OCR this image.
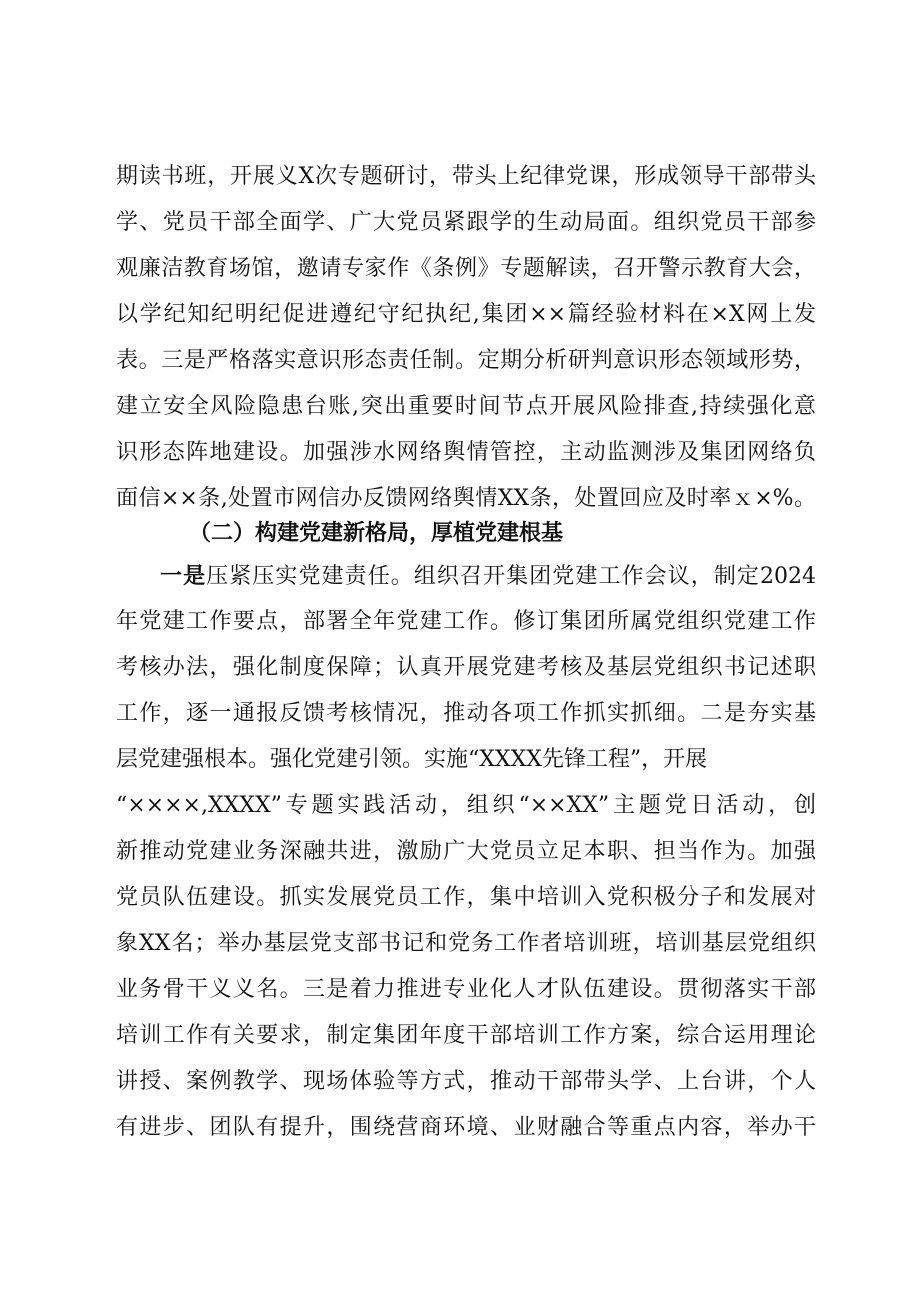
期读书班，开展义X次专题研讨，带头上纪律党课，形成领导干部带头
学、党员干部全面学、广大党员紧跟学的生动局面。组织党员干部参
观廉洁教育场馆，邀请专家作《条例》专题解读，召开警示教育大会，
以学纪知纪明纪促进遵纪守纪执纪,集团××篇经验材料在×X网上发
表。三是严格落实意识形态责任制。定期分析研判意识形态领域形势，
建立安全风险隐患台账,突出重要时间节点开展风险排查,持续强化意
识形态阵地建设。加强涉水网络舆情管控，主动监测涉及集团网络负
面信××条,处置市网信办反馈网络舆情XX条，处置回应及时率ｘ×%。
（二）构建党建新格局，厚植党建根基
一是压紧压实党建责任。组织召开集团党建工作会议，制定2024
年党建工作要点，部署全年党建工作。修订集团所属党组织党建工作
考核办法，强化制度保障；认真开展党建考核及基层党组织书记述职
工作，逐一通报反馈考核情况，推动各项工作抓实抓细。二是夯实基
层党建强根本。强化党建引领。实施“XXXX先锋工程”，开展
“××××,XXXX”专题实践活动，组织“××XX”主题党日活动，创
新推动党建业务深融共进，激励广大党员立足本职、担当作为。加强
党员队伍建设。抓实发展党员工作，集中培训入党积极分子和发展对
象XX名；举办基层党支部书记和党务工作者培训班，培训基层党组织
业务骨干义义名。三是着力推进专业化人才队伍建设。贯彻落实干部
培训工作有关要求，制定集团年度干部培训工作方案，综合运用理论
讲授、案例教学、现场体验等方式，推动干部带头学、上台讲，个人
有进步、团队有提升，围绕营商环境、业财融合等重点内容，举办干
